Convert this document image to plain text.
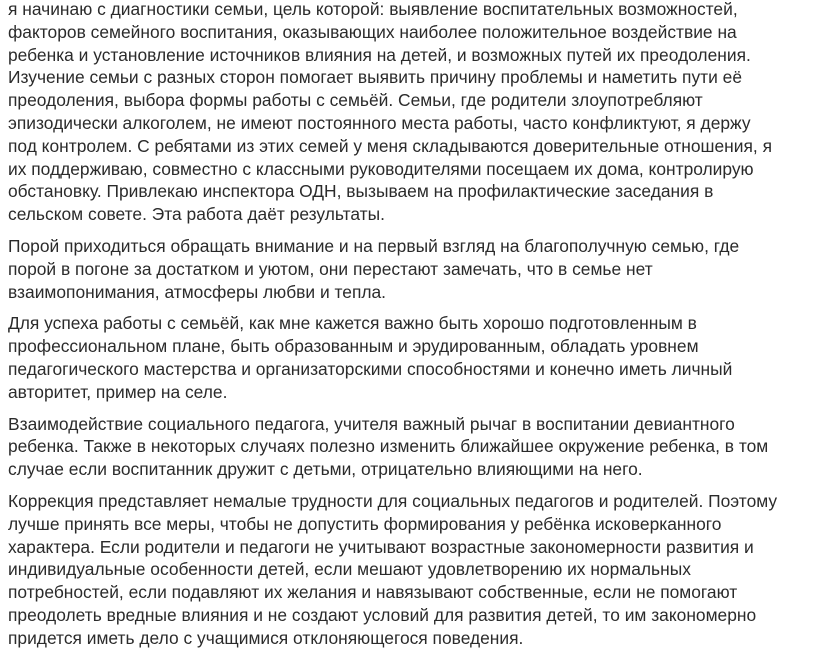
я начинаю с диагностики семьи, цель которой: выявление воспитательных возможностей,
факторов семейного воспитания, оказывающих наиболее положительное воздействие на
ребенка и установление источников влияния на детей, и возможных путей их преодоления.
Изучение семьи с разных сторон помогает выявить причину проблемы и наметить пути её
преодоления, выбора формы работы с семьёй. Семьи, где родители злоупотребляют
эпизодически алкоголем, не имеют постоянного места работы, часто конфликтуют, я держу
под контролем. С ребятами из этих семей у меня складываются доверительные отношения, я
их поддерживаю, совместно с классными руководителями посещаем их дома, контролирую
обстановку. Привлекаю инспектора ОДН, вызываем на профилактические заседания в
сельском совете. Эта работа даёт результаты.

Порой приходиться обращать внимание и на первый взгляд на благополучную семью, где
порой в погоне за достатком и уютом, они перестают замечать, что в семье нет
взаимопонимания, атмосферы любви и тепла.

Для успеха работы с семьёй, как мне кажется важно быть хорошо подготовленным в
профессиональном плане, быть образованным и эрудированным, обладать уровнем
педагогического мастерства и организаторскими способностями и конечно иметь личный
авторитет, пример на селе.

Взаимодействие социального педагога, учителя важный рычаг в воспитании девиантного
ребенка. Также в некоторых случаях полезно изменить ближайшее окружение ребенка, в том
случае если воспитанник дружит с детьми, отрицательно влияющими на него.

Коррекция представляет немалые трудности для социальных педагогов и родителей. Поэтому
лучше принять все меры, чтобы не допустить формирования у ребёнка исковерканного
характера. Если родители и педагоги не учитывают возрастные закономерности развития и
индивидуальные особенности детей, если мешают удовлетворению их нормальных
потребностей, если подавляют их желания и навязывают собственные, если не помогают
преодолеть вредные влияния и не создают условий для развития детей, то им закономерно
придется иметь дело с учащимися отклоняющегося поведения.
